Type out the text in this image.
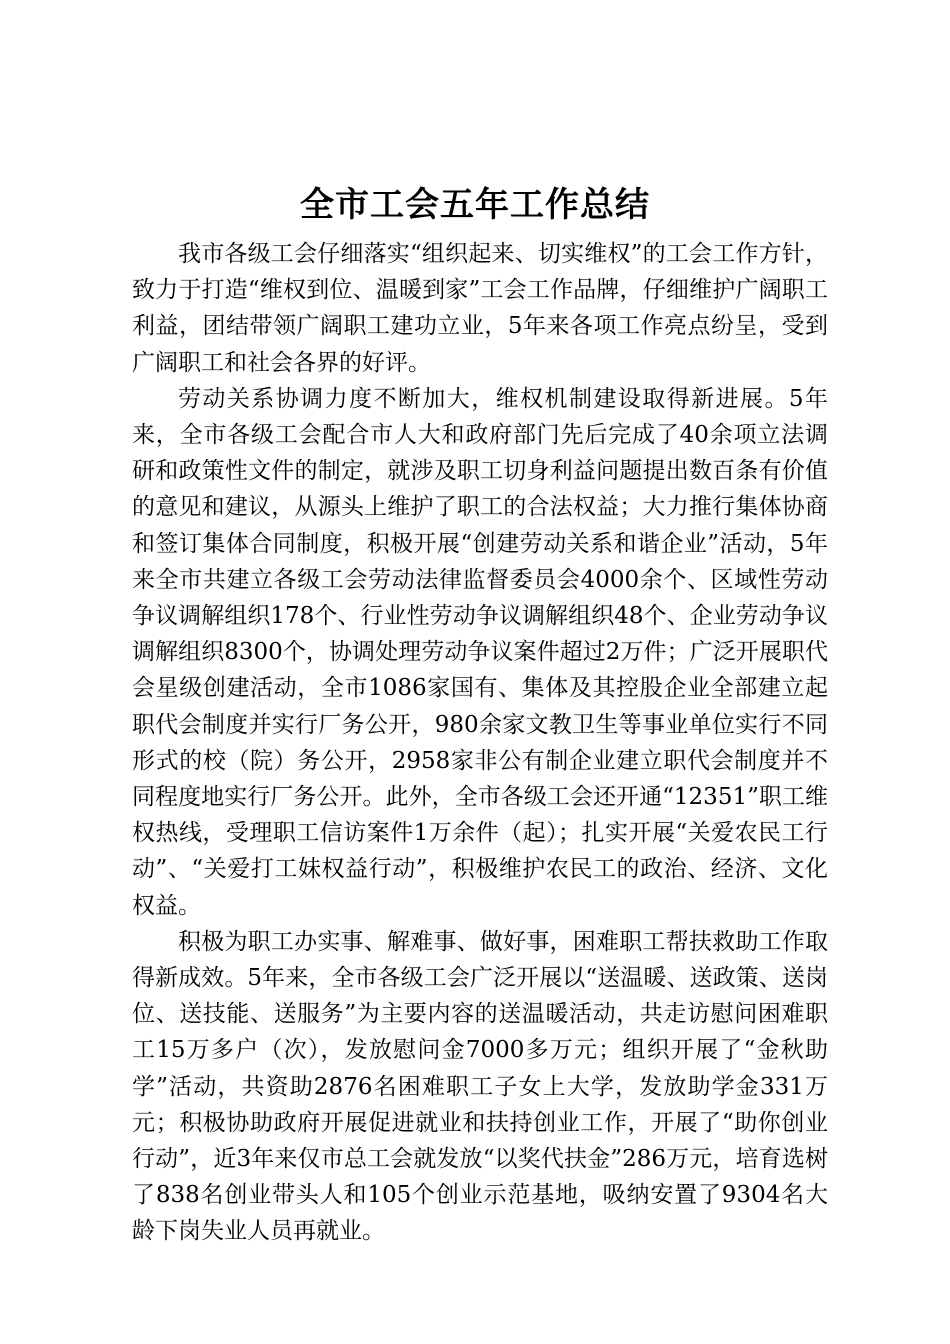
全市工会五年工作总结

我市各级工会仔细落实“组织起来、切实维权”的工会工作方针，致力于打造“维权到位、温暖到家”工会工作品牌，仔细维护广阔职工利益，团结带领广阔职工建功立业，5年来各项工作亮点纷呈，受到广阔职工和社会各界的好评。

劳动关系协调力度不断加大，维权机制建设取得新进展。5年来，全市各级工会配合市人大和政府部门先后完成了40余项立法调研和政策性文件的制定，就涉及职工切身利益问题提出数百条有价值的意见和建议，从源头上维护了职工的合法权益；大力推行集体协商和签订集体合同制度，积极开展“创建劳动关系和谐企业”活动，5年来全市共建立各级工会劳动法律监督委员会4000余个、区域性劳动争议调解组织178个、行业性劳动争议调解组织48个、企业劳动争议调解组织8300个，协调处理劳动争议案件超过2万件；广泛开展职代会星级创建活动，全市1086家国有、集体及其控股企业全部建立起职代会制度并实行厂务公开，980余家文教卫生等事业单位实行不同形式的校（院）务公开，2958家非公有制企业建立职代会制度并不同程度地实行厂务公开。此外，全市各级工会还开通“12351”职工维权热线，受理职工信访案件1万余件（起）；扎实开展“关爱农民工行动”、“关爱打工妹权益行动”，积极维护农民工的政治、经济、文化权益。

积极为职工办实事、解难事、做好事，困难职工帮扶救助工作取得新成效。5年来，全市各级工会广泛开展以“送温暖、送政策、送岗位、送技能、送服务”为主要内容的送温暖活动，共走访慰问困难职工15万多户（次），发放慰问金7000多万元；组织开展了“金秋助学”活动，共资助2876名困难职工子女上大学，发放助学金331万元；积极协助政府开展促进就业和扶持创业工作，开展了“助你创业行动”，近3年来仅市总工会就发放“以奖代扶金”286万元，培育选树了838名创业带头人和105个创业示范基地，吸纳安置了9304名大龄下岗失业人员再就业。
